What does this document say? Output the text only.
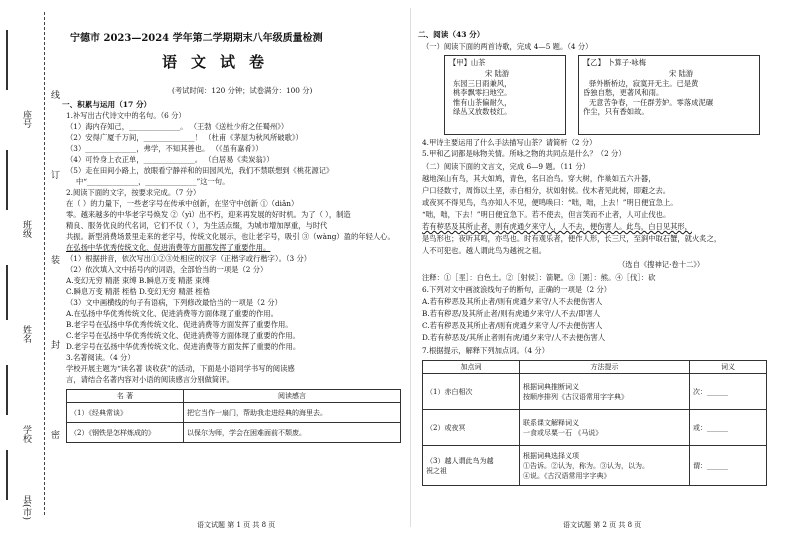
座号
线
班级
订
姓名
装
学校
封
密
县(市)
宁德市 2023—2024 学年第二学期期末八年级质量检测
语文试卷
(考试时间：120 分钟；试卷满分：100 分)
一、积累与运用（17 分）
1.补写出古代诗文中的名句。（6 分）
（1）海内存知己，______________。 （王勃《送杜少府之任蜀州》）
（2）安得广厦千万间，______________！ （杜甫《茅屋为秋风所破歌》）
（3）______________，弗学，不知其善也。 （《虽有嘉肴》）
（4）可怜身上衣正单，______________。 （白居易《卖炭翁》）
（5）走在田间小路上，放眼看宁静祥和的田园风光，我们不禁联想到《桃花源记》
中“______________，______________”这一句。
2.阅读下面的文字，按要求完成。（7 分）
在（ ）的力量下，一些老字号在传承中创新，在坚守中创新 ①（diǎn）
零。越来越多的中华老字号焕发 ②（yì）出不朽，迎来再发展的好时机。为了（ ），制造
精良、服务优良的代名词，它们不仅（ ），为生活点缀，为城市增加厚重，与时代
共振。新型消费场景里走来的老字号，传统文化展示，也让老字号，吸引 ③（wàng）盈的年轻人心。
在弘扬中华优秀传统文化、促进消费等方面都发挥了重要作用。
（1）根据拼音，依次写出①②③处相应的汉字（正楷字或行楷字）。（3 分）
（2）依次填入文中括号内的词语，全部恰当的一项是（2 分）
A.变幻无穷 精湛 束缚 B.瞬息万变 精湛 束缚
C.瞬息万变 精湛 桎梏 D.变幻无穷 精湛 桎梏
（3）文中画横线的句子有语病，下列修改最恰当的一项是（2 分）
A.在弘扬中华优秀传统文化、促进消费等方面体现了重要的作用。
B.老字号在弘扬中华优秀传统文化、促进消费等方面发挥了重要作用。
C.老字号在弘扬中华优秀传统文化、促进消费等方面体现了重要的作用。
D.老字号在弘扬中华优秀传统文化、促进消费等方面发挥了重要的作用。
3.名著阅读。（4 分）
学校开展主题为“读名著 谈收获”的活动，下面是小语同学书写的阅读感
言，请结合名著内容对小语的阅读感言分别做简评。
名 著	阅读感言
（1）《经典常谈》	把它当作一扇门，帮助我走进经典的海里去。
（2）《钢铁是怎样炼成的》	以保尔为师，学会在困难面前不颓废。
语文试题 第 1 页 共 8 页
二、阅读（43 分）
（一）阅读下面的两首诗歌，完成 4—5 题。（4 分）
【甲】山茶
宋 陆游
东园三日雨兼风，
桃李飘零扫地空。
惟有山茶偏耐久，
绿丛又放数枝红。
【乙】 卜算子·咏梅
宋 陆游
驿外断桥边，寂寞开无主。已是黄
昏独自愁，更著风和雨。
无意苦争春，一任群芳妒。零落成泥碾
作尘，只有香如故。
4.甲诗主要运用了什么手法描写山茶？请简析（2 分）
5.甲和乙词都是咏物关情。所咏之物的共同点是什么？（2 分）
（二）阅读下面的文言文，完成 6—9 题。（11 分）
越地深山有鸟，其大如鸠，青色，名曰冶鸟。穿大树，作巢如五六升器，
户口径数寸，周饰以土垩，赤白相分，状如射侯。伐木者见此树，即避之去。
或夜冥不得见鸟，鸟亦知人不见，便鸣唤曰：“咄，咄，上去！”明日便宜急上。
“咄，咄，下去！”明日便宜急下。若不使去，但言笑而不止者，人可止伐也。
若有秽恶及其所止者，则有虎通夕来守人，人不去，便伤害人。此鸟，白日见其形，
是鸟形也；夜听其鸣，亦鸟也。时有观乐者，便作人形，长三尺，至涧中取石蟹，就火炙之，
人不可犯也。越人谓此鸟为越祝之祖。
（选自《搜神记·卷十二》）
注释：①［垩］：白色土。②［射侯］：箭靶。③［罴］：熊。④［伐］：砍
6.下列对文中画波浪线句子的断句，正确的一项是（2 分）
A.若有秽恶及其所止者/则有虎通夕来守/人不去便伤害人
B.若有秽恶/及其所止者/则有虎通夕来守/人不去/即害人
C.若有秽恶及其所止者/则有虎通夕来守人/不去便伤害人
D.若有秽恶及/其所止者则有虎/通夕来守/人不去便伤害人
7.根据提示，解释下列加点词。（4 分）
加点词	方法提示	词义
（1）赤白相次	根据词典推断词义
按顺序排列《古汉语常用字字典》	次：______
（2）或夜冥	联系课文解释词义
一食或尽粟一石 《马说》	或：______
（3）越人谓此鸟为越
祝之祖	根据词典选择义项
①告诉。②认为，称为。③认为，以为。
④说。《古汉语常用字字典》	谓：______
语文试题 第 2 页 共 8 页
